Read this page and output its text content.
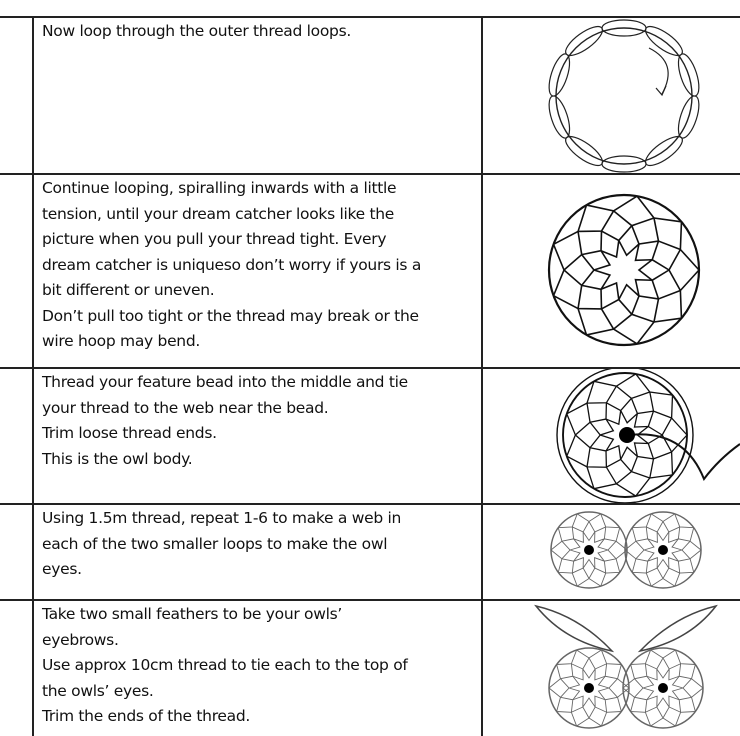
Now loop through the outer thread loops.
Continue looping, spiralling inwards with a little
tension, until your dream catcher looks like the
picture when you pull your thread tight. Every
dream catcher is uniqueso don’t worry if yours is a
bit different or uneven.
Don’t pull too tight or the thread may break or the
wire hoop may bend.
Thread your feature bead into the middle and tie
your thread to the web near the bead.
Trim loose thread ends.
This is the owl body.
Using 1.5m thread, repeat 1-6 to make a web in
each of the two smaller loops to make the owl
eyes.
Take two small feathers to be your owls’
eyebrows.
Use approx 10cm thread to tie each to the top of
the owls’ eyes.
Trim the ends of the thread.
